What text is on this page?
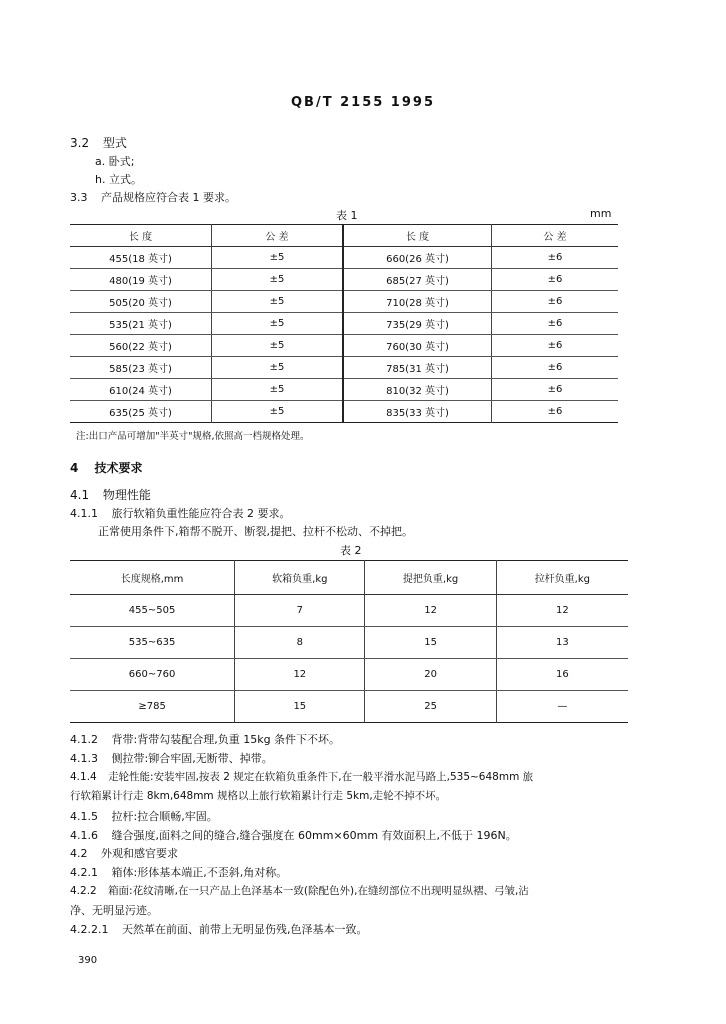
QB/T 2155 1995
3.2 型式
a. 卧式;
h. 立式。
3.3 产品规格应符合表 1 要求。
表 1	mm
长 度	公 差	长 度	公 差
455(18 英寸)	±5	660(26 英寸)	±6
480(19 英寸)	±5	685(27 英寸)	±6
505(20 英寸)	±5	710(28 英寸)	±6
535(21 英寸)	±5	735(29 英寸)	±6
560(22 英寸)	±5	760(30 英寸)	±6
585(23 英寸)	±5	785(31 英寸)	±6
610(24 英寸)	±5	810(32 英寸)	±6
635(25 英寸)	±5	835(33 英寸)	±6
注:出口产品可增加"半英寸"规格,依照高一档规格处理。
4 技术要求
4.1 物理性能
4.1.1 旅行软箱负重性能应符合表 2 要求。
正常使用条件下,箱帮不脱开、断裂,提把、拉杆不松动、不掉把。
表 2
长度规格,mm	软箱负重,kg	提把负重,kg	拉杆负重,kg
455~505	7	12	12
535~635	8	15	13
660~760	12	20	16
≥785	15	25	—
4.1.2 背带:背带勾装配合理,负重 15kg 条件下不坏。
4.1.3 侧拉带:铆合牢固,无断带、掉带。
4.1.4 走轮性能:安装牢固,按表 2 规定在软箱负重条件下,在一般平滑水泥马路上,535~648mm 旅
行软箱累计行走 8km,648mm 规格以上旅行软箱累计行走 5km,走轮不掉不坏。
4.1.5 拉杆:拉合顺畅,牢固。
4.1.6 缝合强度,面料之间的缝合,缝合强度在 60mm×60mm 有效面积上,不低于 196N。
4.2 外观和感官要求
4.2.1 箱体:形体基本端正,不歪斜,角对称。
4.2.2 箱面:花纹清晰,在一只产品上色泽基本一致(除配色外),在缝纫部位不出现明显纵褶、弓皱,沾
净、无明显污迹。
4.2.2.1 天然革在前面、前带上无明显伤残,色泽基本一致。
390
